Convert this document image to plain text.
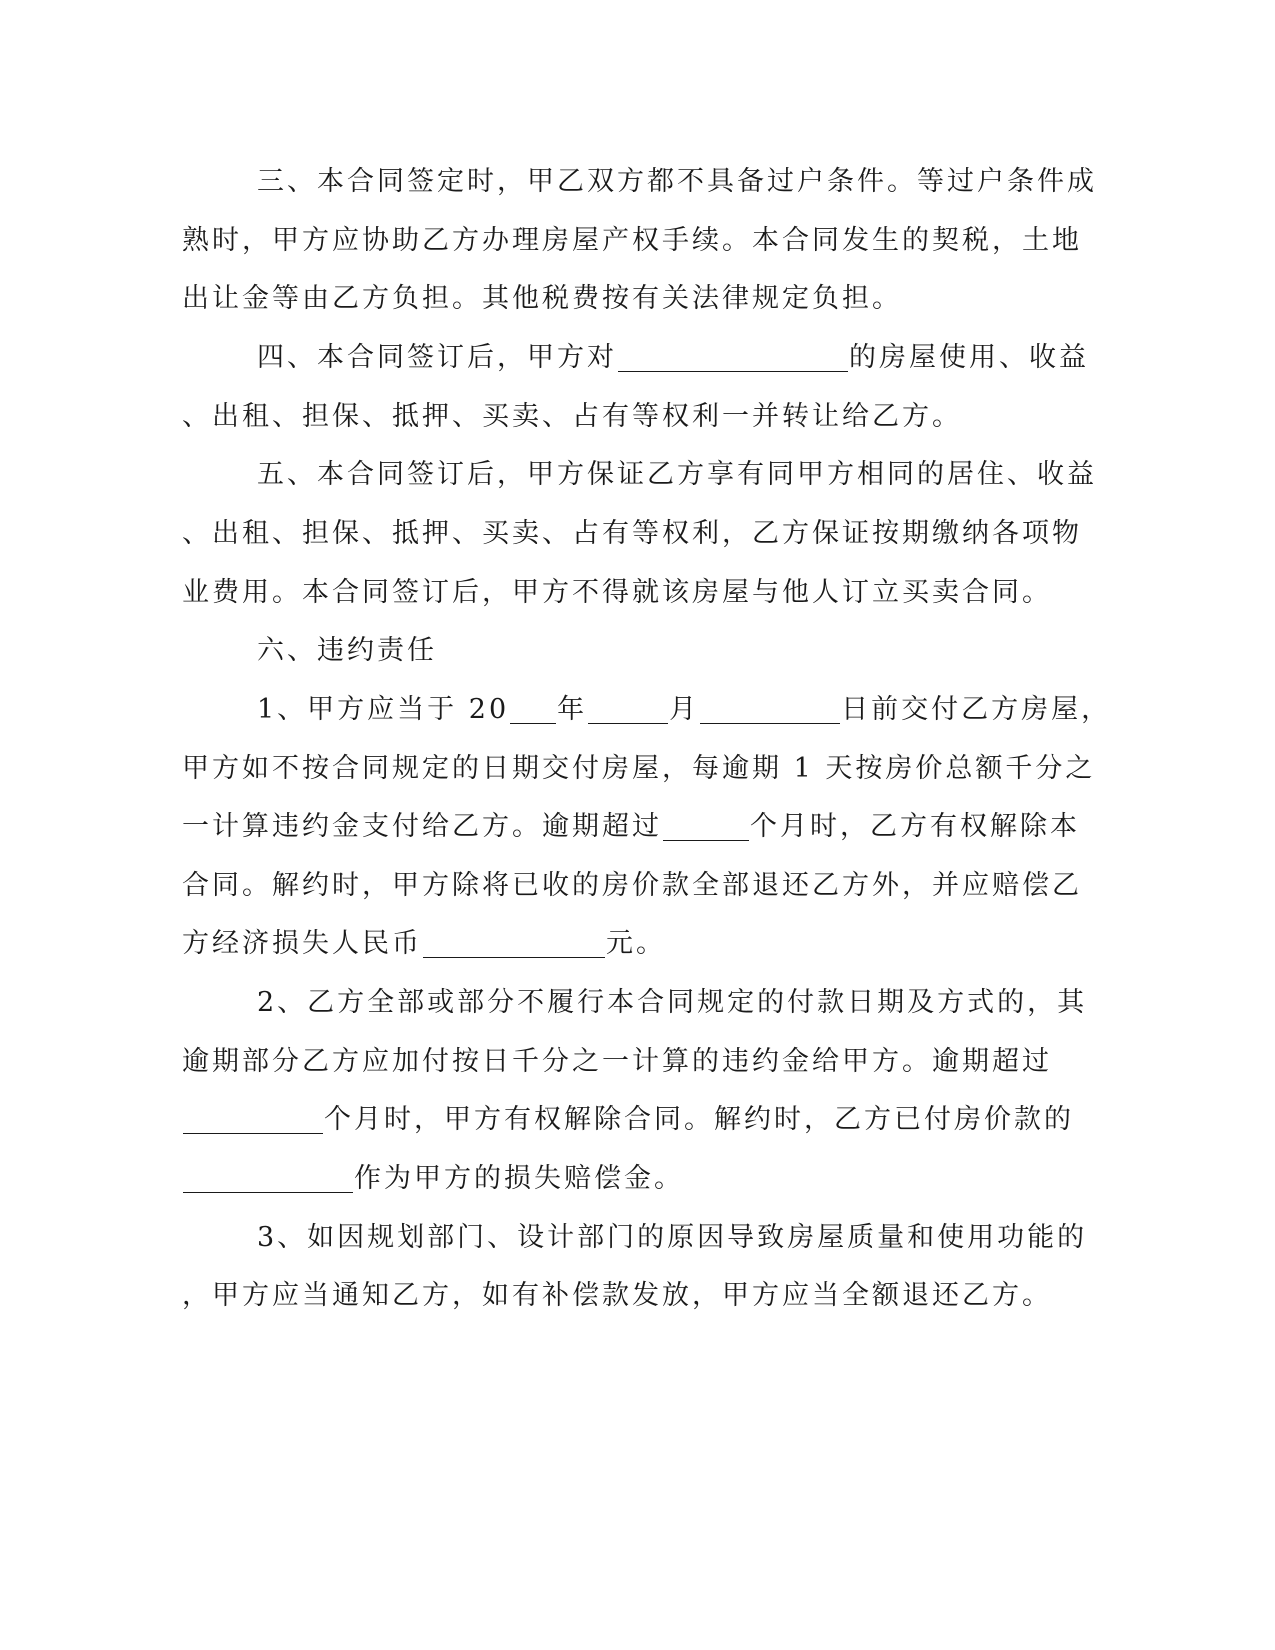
三、本合同签定时，甲乙双方都不具备过户条件。等过户条件成
熟时，甲方应协助乙方办理房屋产权手续。本合同发生的契税，土地
出让金等由乙方负担。其他税费按有关法律规定负担。
四、本合同签订后，甲方对	的房屋使用、收益
、出租、担保、抵押、买卖、占有等权利一并转让给乙方。
五、本合同签订后，甲方保证乙方享有同甲方相同的居住、收益
、出租、担保、抵押、买卖、占有等权利，乙方保证按期缴纳各项物
业费用。本合同签订后，甲方不得就该房屋与他人订立买卖合同。
六、违约责任
1、甲方应当于 20 年	月	日前交付乙方房屋，
甲方如不按合同规定的日期交付房屋，每逾期 1 天按房价总额千分之
一计算违约金支付给乙方。逾期超过	个月时，乙方有权解除本
合同。解约时，甲方除将已收的房价款全部退还乙方外，并应赔偿乙
方经济损失人民币	元。
2、乙方全部或部分不履行本合同规定的付款日期及方式的，其
逾期部分乙方应加付按日千分之一计算的违约金给甲方。逾期超过
个月时，甲方有权解除合同。解约时，乙方已付房价款的
作为甲方的损失赔偿金。
3、如因规划部门、设计部门的原因导致房屋质量和使用功能的
，甲方应当通知乙方，如有补偿款发放，甲方应当全额退还乙方。
